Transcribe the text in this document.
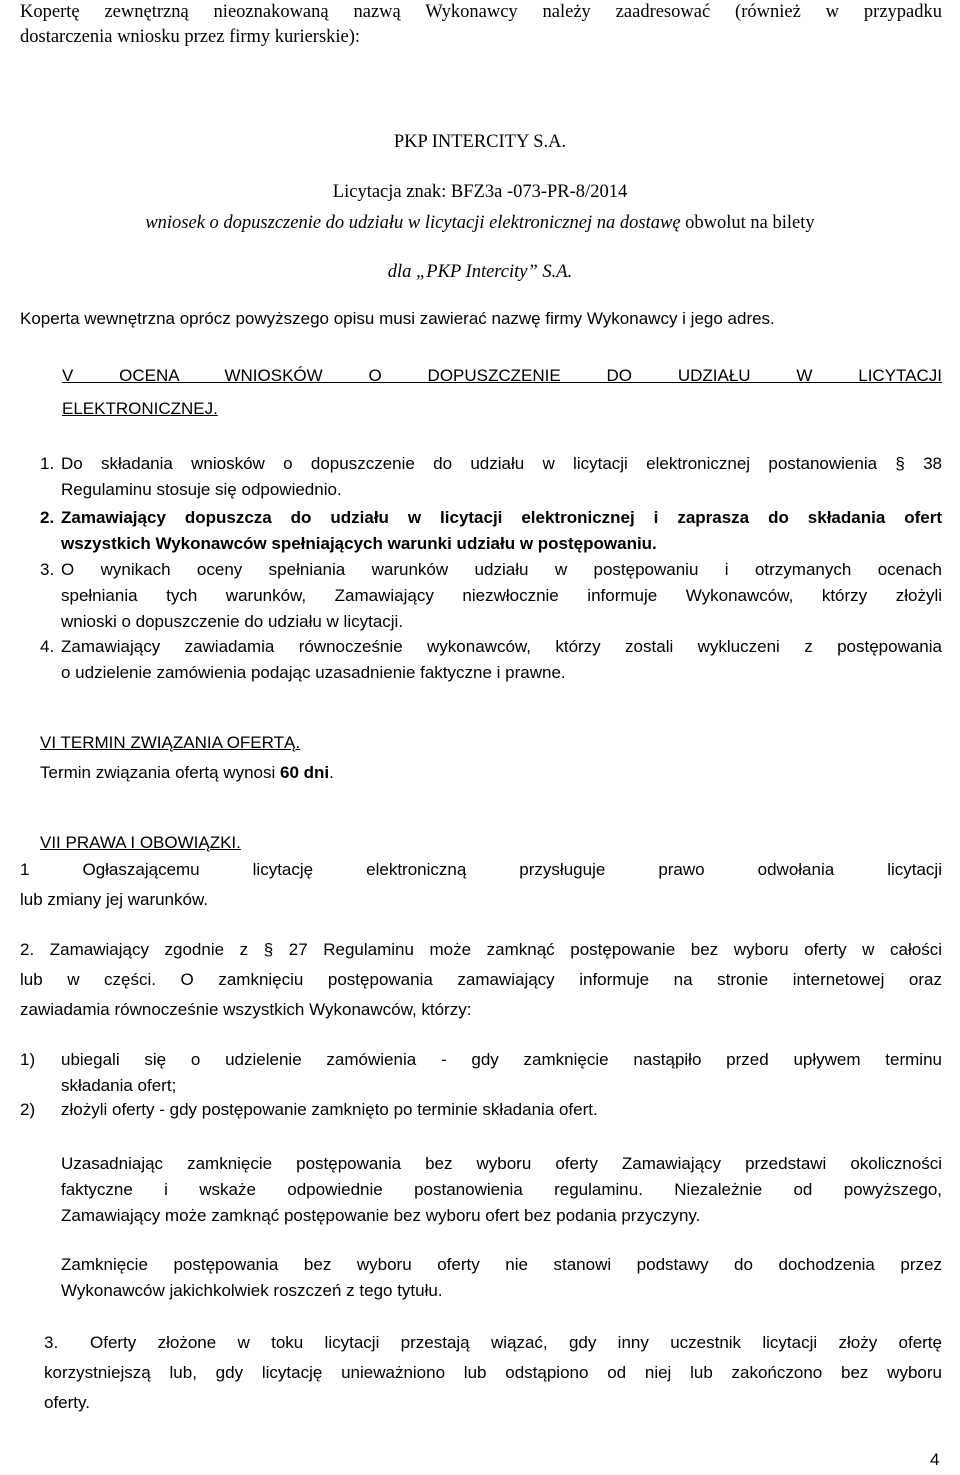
Kopertę zewnętrzną nieoznakowaną nazwą Wykonawcy należy zaadresować (również w przypadku

dostarczenia wniosku przez firmy kurierskie):

PKP INTERCITY S.A.

Licytacja znak: BFZ3a -073-PR-8/2014

wniosek o dopuszczenie do udziału w licytacji elektronicznej na dostawę obwolut na bilety

dla „PKP Intercity” S.A.

Koperta wewnętrzna oprócz powyższego opisu musi zawierać nazwę firmy Wykonawcy i jego adres.

V OCENA WNIOSKÓW O DOPUSZCZENIE DO UDZIAŁU W LICYTACJI

ELEKTRONICZNEJ.

1. Do składania wniosków o dopuszczenie do udziału w licytacji elektronicznej postanowienia § 38
Regulaminu stosuje się odpowiednio.
2. Zamawiający dopuszcza do udziału w licytacji elektronicznej i zaprasza do składania ofert
wszystkich Wykonawców spełniających warunki udziału w postępowaniu.
3. O wynikach oceny spełniania warunków udziału w postępowaniu i otrzymanych ocenach
spełniania tych warunków, Zamawiający niezwłocznie informuje Wykonawców, którzy złożyli
wnioski o dopuszczenie do udziału w licytacji.
4. Zamawiający zawiadamia równocześnie wykonawców, którzy zostali wykluczeni z postępowania
o udzielenie zamówienia podając uzasadnienie faktyczne i prawne.

VI TERMIN ZWIĄZANIA OFERTĄ.

Termin związania ofertą wynosi 60 dni.

VII PRAWA I OBOWIĄZKI.

1 Ogłaszającemu licytację elektroniczną przysługuje prawo odwołania licytacji

lub zmiany jej warunków.

2. Zamawiający zgodnie z § 27 Regulaminu może zamknąć postępowanie bez wyboru oferty w całości

lub w części. O zamknięciu postępowania zamawiający informuje na stronie internetowej oraz

zawiadamia równocześnie wszystkich Wykonawców, którzy:

1) ubiegali się o udzielenie zamówienia - gdy zamknięcie nastąpiło przed upływem terminu
składania ofert;
2) złożyli oferty - gdy postępowanie zamknięto po terminie składania ofert.

Uzasadniając zamknięcie postępowania bez wyboru oferty Zamawiający przedstawi okoliczności

faktyczne i wskaże odpowiednie postanowienia regulaminu. Niezależnie od powyższego,

Zamawiający może zamknąć postępowanie bez wyboru ofert bez podania przyczyny.

Zamknięcie postępowania bez wyboru oferty nie stanowi podstawy do dochodzenia przez

Wykonawców jakichkolwiek roszczeń z tego tytułu.

3. Oferty złożone w toku licytacji przestają wiązać, gdy inny uczestnik licytacji złoży ofertę

korzystniejszą lub, gdy licytację unieważniono lub odstąpiono od niej lub zakończono bez wyboru

oferty.

4
